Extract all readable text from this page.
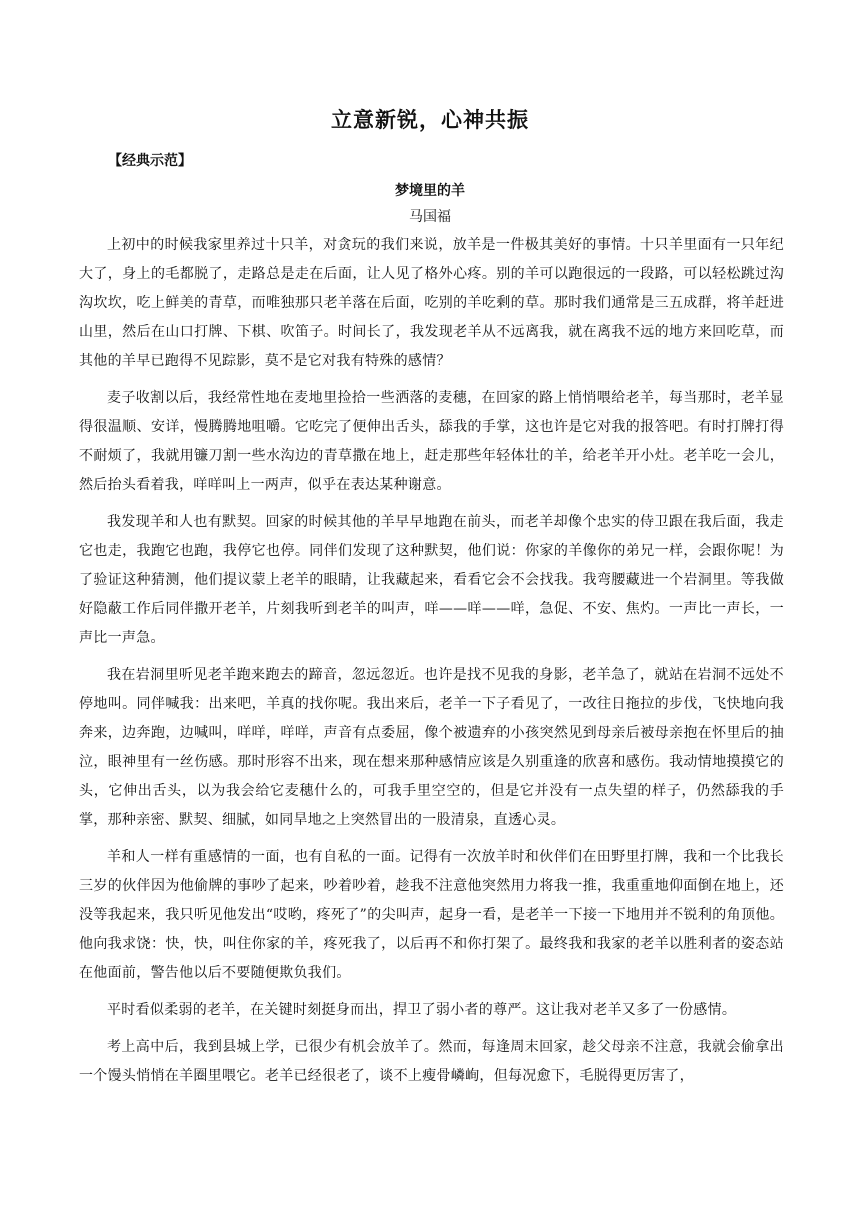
立意新锐，心神共振
【经典示范】
梦境里的羊
马国福

上初中的时候我家里养过十只羊，对贪玩的我们来说，放羊是一件极其美好的事情。十只羊里面有一只年纪大了，身上的毛都脱了，走路总是走在后面，让人见了格外心疼。别的羊可以跑很远的一段路，可以轻松跳过沟沟坎坎，吃上鲜美的青草，而唯独那只老羊落在后面，吃别的羊吃剩的草。那时我们通常是三五成群，将羊赶进山里，然后在山口打牌、下棋、吹笛子。时间长了，我发现老羊从不远离我，就在离我不远的地方来回吃草，而其他的羊早已跑得不见踪影，莫不是它对我有特殊的感情？

麦子收割以后，我经常性地在麦地里捡拾一些洒落的麦穗，在回家的路上悄悄喂给老羊，每当那时，老羊显得很温顺、安详，慢腾腾地咀嚼。它吃完了便伸出舌头，舔我的手掌，这也许是它对我的报答吧。有时打牌打得不耐烦了，我就用镰刀割一些水沟边的青草撒在地上，赶走那些年轻体壮的羊，给老羊开小灶。老羊吃一会儿，然后抬头看着我，咩咩叫上一两声，似乎在表达某种谢意。

我发现羊和人也有默契。回家的时候其他的羊早早地跑在前头，而老羊却像个忠实的侍卫跟在我后面，我走它也走，我跑它也跑，我停它也停。同伴们发现了这种默契，他们说：你家的羊像你的弟兄一样，会跟你呢！为了验证这种猜测，他们提议蒙上老羊的眼睛，让我藏起来，看看它会不会找我。我弯腰藏进一个岩洞里。等我做好隐蔽工作后同伴撒开老羊，片刻我听到老羊的叫声，咩——咩——咩，急促、不安、焦灼。一声比一声长，一声比一声急。

我在岩洞里听见老羊跑来跑去的蹄音，忽远忽近。也许是找不见我的身影，老羊急了，就站在岩洞不远处不停地叫。同伴喊我：出来吧，羊真的找你呢。我出来后，老羊一下子看见了，一改往日拖拉的步伐，飞快地向我奔来，边奔跑，边喊叫，咩咩，咩咩，声音有点委屈，像个被遗弃的小孩突然见到母亲后被母亲抱在怀里后的抽泣，眼神里有一丝伤感。那时形容不出来，现在想来那种感情应该是久别重逢的欣喜和感伤。我动情地摸摸它的头，它伸出舌头，以为我会给它麦穗什么的，可我手里空空的，但是它并没有一点失望的样子，仍然舔我的手掌，那种亲密、默契、细腻，如同旱地之上突然冒出的一股清泉，直透心灵。

羊和人一样有重感情的一面，也有自私的一面。记得有一次放羊时和伙伴们在田野里打牌，我和一个比我长三岁的伙伴因为他偷牌的事吵了起来，吵着吵着，趁我不注意他突然用力将我一推，我重重地仰面倒在地上，还没等我起来，我只听见他发出“哎哟，疼死了”的尖叫声，起身一看，是老羊一下接一下地用并不锐利的角顶他。他向我求饶：快，快，叫住你家的羊，疼死我了，以后再不和你打架了。最终我和我家的老羊以胜利者的姿态站在他面前，警告他以后不要随便欺负我们。

平时看似柔弱的老羊，在关键时刻挺身而出，捍卫了弱小者的尊严。这让我对老羊又多了一份感情。

考上高中后，我到县城上学，已很少有机会放羊了。然而，每逢周末回家，趁父母亲不注意，我就会偷拿出一个馒头悄悄在羊圈里喂它。老羊已经很老了，谈不上瘦骨嶙峋，但每况愈下，毛脱得更厉害了，
